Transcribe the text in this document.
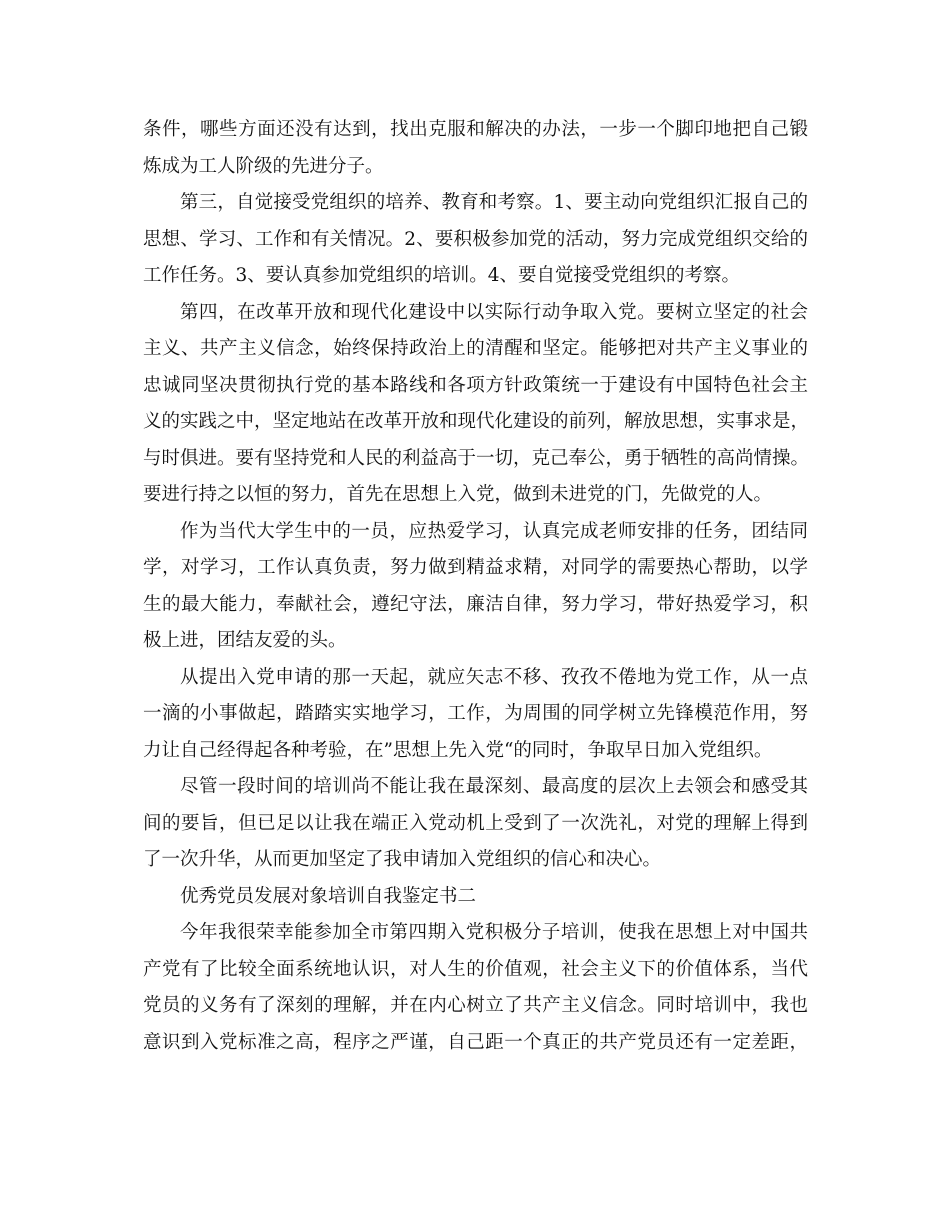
条件，哪些方面还没有达到，找出克服和解决的办法，一步一个脚印地把自己锻
炼成为工人阶级的先进分子。
第三，自觉接受党组织的培养、教育和考察。1、要主动向党组织汇报自己的
思想、学习、工作和有关情况。2、要积极参加党的活动，努力完成党组织交给的
工作任务。3、要认真参加党组织的培训。4、要自觉接受党组织的考察。
第四，在改革开放和现代化建设中以实际行动争取入党。要树立坚定的社会
主义、共产主义信念，始终保持政治上的清醒和坚定。能够把对共产主义事业的
忠诚同坚决贯彻执行党的基本路线和各项方针政策统一于建设有中国特色社会主
义的实践之中，坚定地站在改革开放和现代化建设的前列，解放思想，实事求是，
与时俱进。要有坚持党和人民的利益高于一切，克己奉公，勇于牺牲的高尚情操。
要进行持之以恒的努力，首先在思想上入党，做到未进党的门，先做党的人。
作为当代大学生中的一员，应热爱学习，认真完成老师安排的任务，团结同
学，对学习，工作认真负责，努力做到精益求精，对同学的需要热心帮助，以学
生的最大能力，奉献社会，遵纪守法，廉洁自律，努力学习，带好热爱学习，积
极上进，团结友爱的头。
从提出入党申请的那一天起，就应矢志不移、孜孜不倦地为党工作，从一点
一滴的小事做起，踏踏实实地学习，工作，为周围的同学树立先锋模范作用，努
力让自己经得起各种考验，在”思想上先入党“的同时，争取早日加入党组织。
尽管一段时间的培训尚不能让我在最深刻、最高度的层次上去领会和感受其
间的要旨，但已足以让我在端正入党动机上受到了一次洗礼，对党的理解上得到
了一次升华，从而更加坚定了我申请加入党组织的信心和决心。
优秀党员发展对象培训自我鉴定书二
今年我很荣幸能参加全市第四期入党积极分子培训，使我在思想上对中国共
产党有了比较全面系统地认识，对人生的价值观，社会主义下的价值体系，当代
党员的义务有了深刻的理解，并在内心树立了共产主义信念。同时培训中，我也
意识到入党标准之高，程序之严谨，自己距一个真正的共产党员还有一定差距，
